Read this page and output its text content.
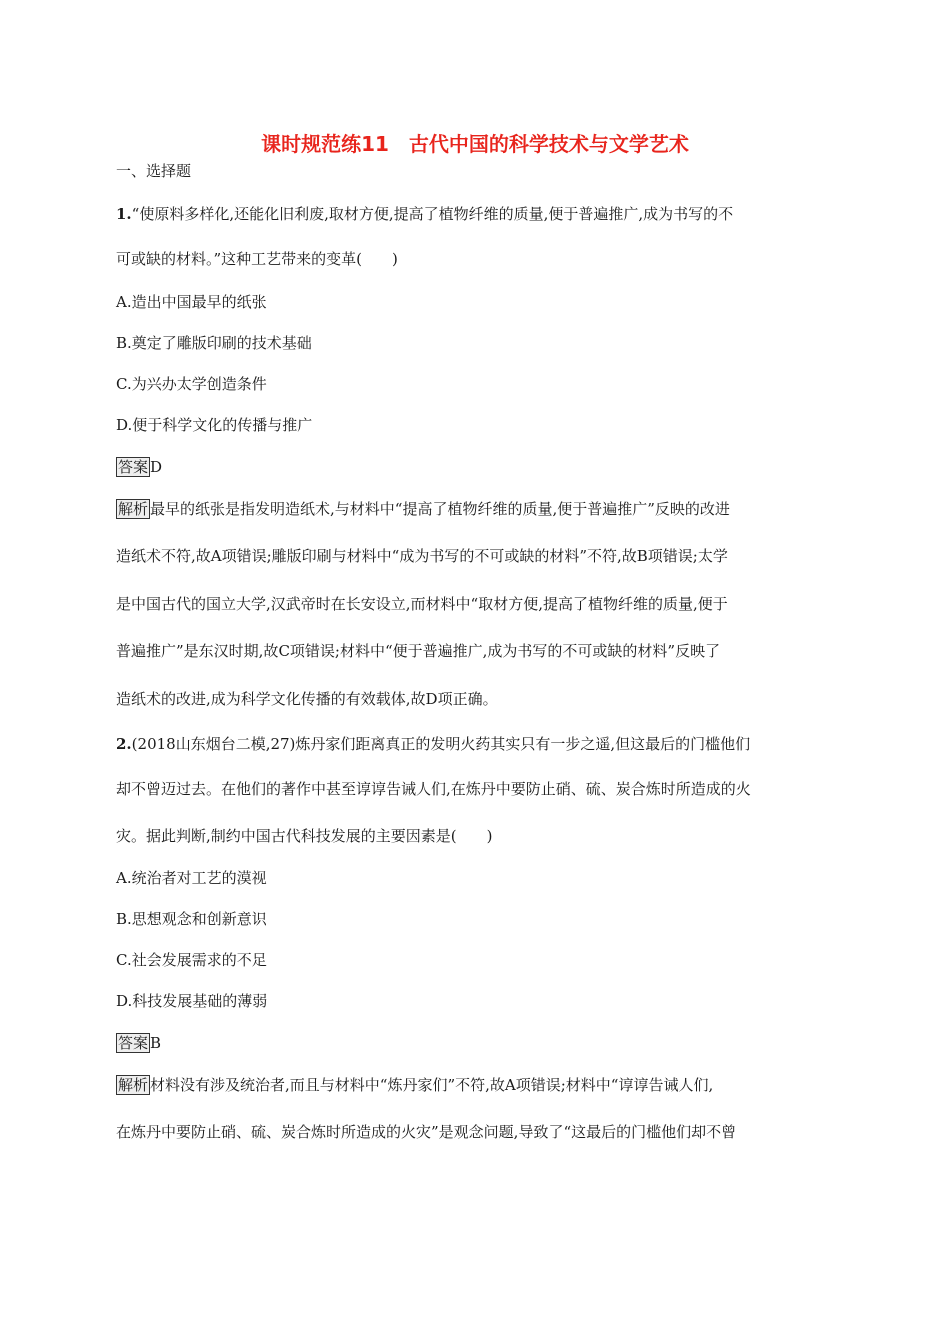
课时规范练11　古代中国的科学技术与文学艺术
一、选择题
1.“使原料多样化,还能化旧利废,取材方便,提高了植物纤维的质量,便于普遍推广,成为书写的不
可或缺的材料。”这种工艺带来的变革(　　)
A.造出中国最早的纸张
B.奠定了雕版印刷的技术基础
C.为兴办太学创造条件
D.便于科学文化的传播与推广
答案 D
解析 最早的纸张是指发明造纸术,与材料中“提高了植物纤维的质量,便于普遍推广”反映的改进
造纸术不符,故A项错误;雕版印刷与材料中“成为书写的不可或缺的材料”不符,故B项错误;太学
是中国古代的国立大学,汉武帝时在长安设立,而材料中“取材方便,提高了植物纤维的质量,便于
普遍推广”是东汉时期,故C项错误;材料中“便于普遍推广,成为书写的不可或缺的材料”反映了
造纸术的改进,成为科学文化传播的有效载体,故D项正确。
2.(2018山东烟台二模,27)炼丹家们距离真正的发明火药其实只有一步之遥,但这最后的门槛他们
却不曾迈过去。在他们的著作中甚至谆谆告诫人们,在炼丹中要防止硝、硫、炭合炼时所造成的火
灾。据此判断,制约中国古代科技发展的主要因素是(　　)
A.统治者对工艺的漠视
B.思想观念和创新意识
C.社会发展需求的不足
D.科技发展基础的薄弱
答案 B
解析 材料没有涉及统治者,而且与材料中“炼丹家们”不符,故A项错误;材料中“谆谆告诫人们,
在炼丹中要防止硝、硫、炭合炼时所造成的火灾”是观念问题,导致了“这最后的门槛他们却不曾
